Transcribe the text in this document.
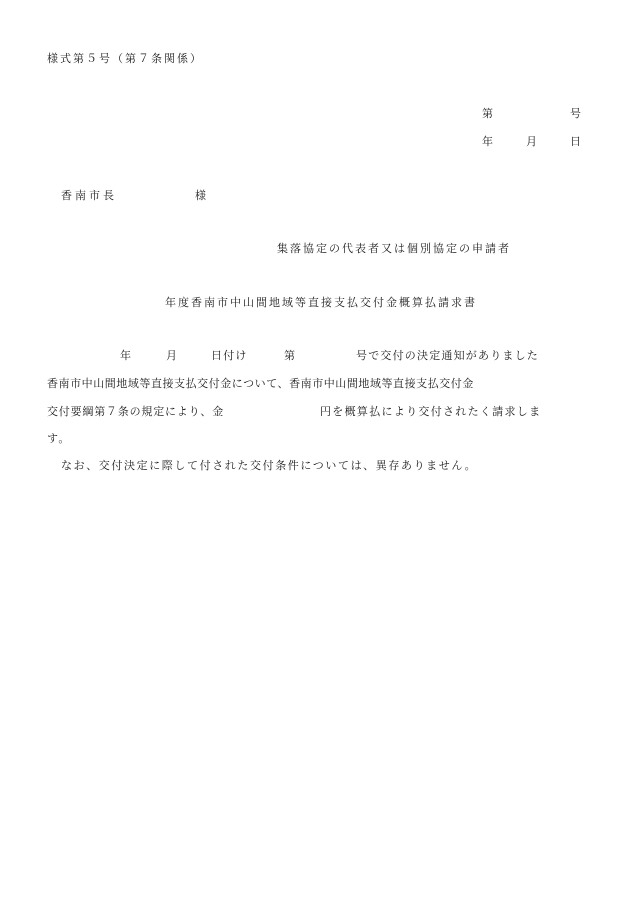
様式第５号（第７条関係）
第	号
年	月	日
香南市長	様
集落協定の代表者又は個別協定の申請者
年度香南市中山間地域等直接支払交付金概算払請求書
年	月	日付け	第	号で交付の決定通知がありました
香南市中山間地域等直接支払交付金について、香南市中山間地域等直接支払交付金
交付要綱第７条の規定により、金	円を概算払により交付されたく請求しま
す。
なお、交付決定に際して付された交付条件については、異存ありません。
